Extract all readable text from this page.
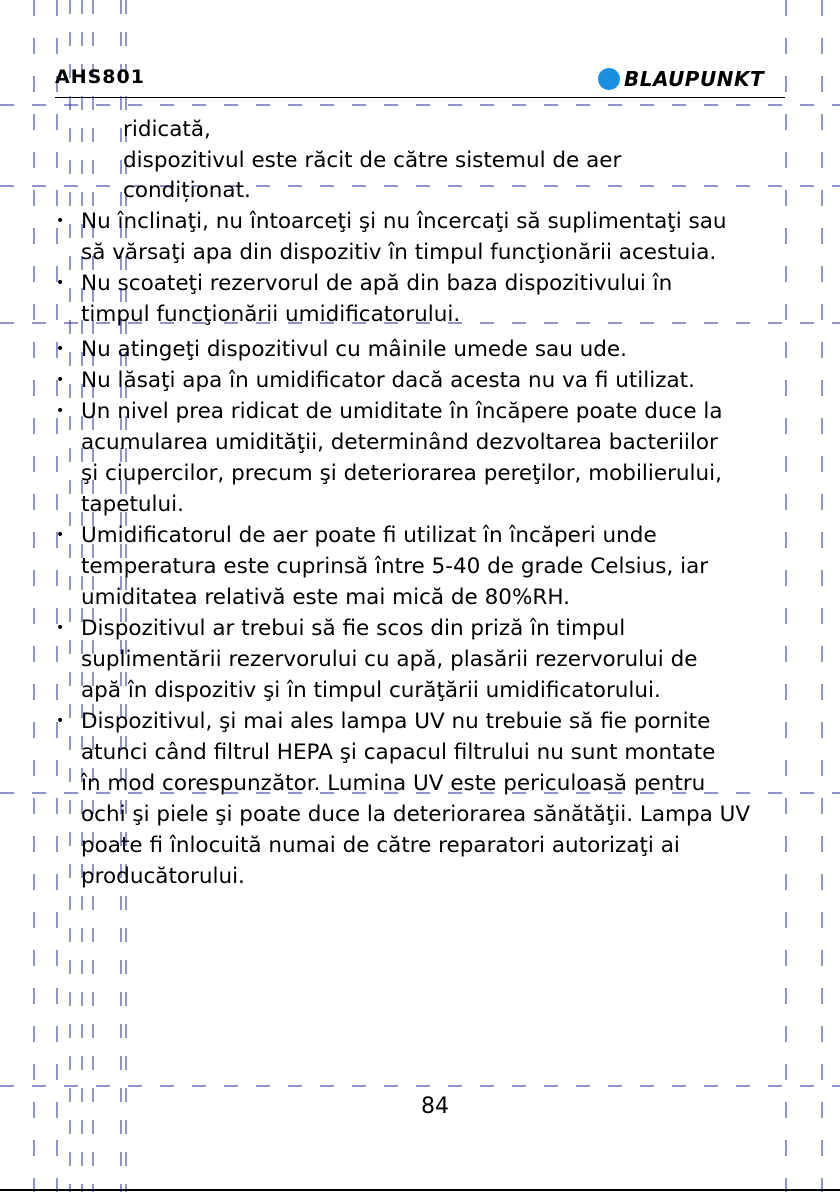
AHS801	BLAUPUNKT
ridicată,
dispozitivul este răcit de către sistemul de aer
condiționat.
• Nu înclinaţi, nu întoarceţi şi nu încercaţi să suplimentaţi sau
să vărsaţi apa din dispozitiv în timpul funcţionării acestuia.
• Nu scoateţi rezervorul de apă din baza dispozitivului în
timpul funcţionării umidificatorului.
• Nu atingeţi dispozitivul cu mâinile umede sau ude.
• Nu lăsaţi apa în umidificator dacă acesta nu va fi utilizat.
• Un nivel prea ridicat de umiditate în încăpere poate duce la
acumularea umidităţii, determinând dezvoltarea bacteriilor
şi ciupercilor, precum şi deteriorarea pereţilor, mobilierului,
tapetului.
• Umidificatorul de aer poate fi utilizat în încăperi unde
temperatura este cuprinsă între 5-40 de grade Celsius, iar
umiditatea relativă este mai mică de 80%RH.
• Dispozitivul ar trebui să fie scos din priză în timpul
suplimentării rezervorului cu apă, plasării rezervorului de
apă în dispozitiv şi în timpul curăţării umidificatorului.
• Dispozitivul, şi mai ales lampa UV nu trebuie să fie pornite
atunci când filtrul HEPA şi capacul filtrului nu sunt montate
în mod corespunzător. Lumina UV este periculoasă pentru
ochi şi piele şi poate duce la deteriorarea sănătăţii. Lampa UV
poate fi înlocuită numai de către reparatori autorizaţi ai
producătorului.
84
